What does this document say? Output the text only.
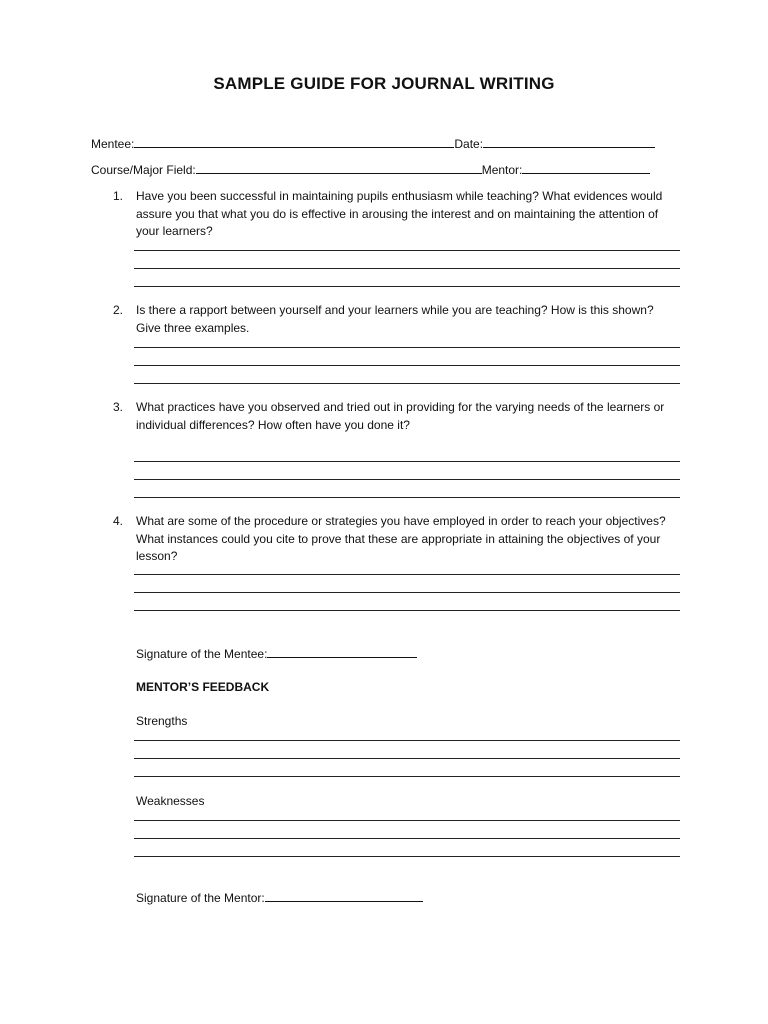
SAMPLE GUIDE FOR JOURNAL WRITING
Mentee:	Date:
Course/Major Field:	Mentor:
1.	Have you been successful in maintaining pupils enthusiasm while teaching? What evidences would assure you that what you do is effective in arousing the interest and on maintaining the attention of your learners?
2.	Is there a rapport between yourself and your learners while you are teaching? How is this shown? Give three examples.
3.	What practices have you observed and tried out in providing for the varying needs of the learners or individual differences? How often have you done it?
4.	What are some of the procedure or strategies you have employed in order to reach your objectives? What instances could you cite to prove that these are appropriate in attaining the objectives of your lesson?
Signature of the Mentee:
MENTOR’S FEEDBACK
Strengths
Weaknesses
Signature of the Mentor:
